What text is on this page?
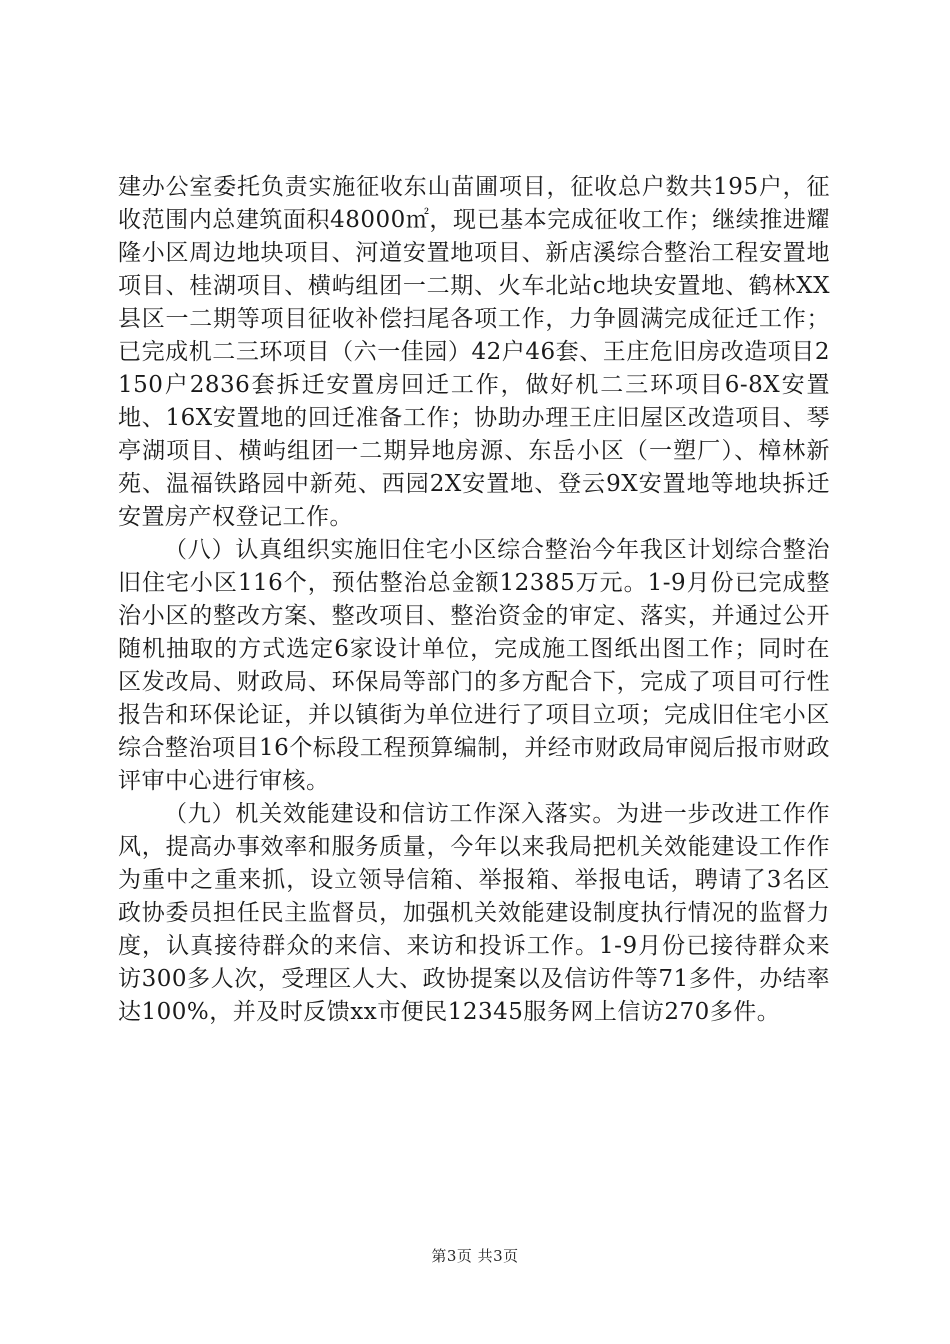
建办公室委托负责实施征收东山苗圃项目，征收总户数共195户，征收范围内总建筑面积48000㎡，现已基本完成征收工作；继续推进耀隆小区周边地块项目、河道安置地项目、新店溪综合整治工程安置地项目、桂湖项目、横屿组团一二期、火车北站c地块安置地、鹤林XX县区一二期等项目征收补偿扫尾各项工作，力争圆满完成征迁工作；已完成机二三环项目（六一佳园）42户46套、王庄危旧房改造项目2150户2836套拆迁安置房回迁工作，做好机二三环项目6-8X安置地、16X安置地的回迁准备工作；协助办理王庄旧屋区改造项目、琴亭湖项目、横屿组团一二期异地房源、东岳小区（一塑厂）、樟林新苑、温福铁路园中新苑、西园2X安置地、登云9X安置地等地块拆迁安置房产权登记工作。

（八）认真组织实施旧住宅小区综合整治今年我区计划综合整治旧住宅小区116个，预估整治总金额12385万元。1-9月份已完成整治小区的整改方案、整改项目、整治资金的审定、落实，并通过公开随机抽取的方式选定6家设计单位，完成施工图纸出图工作；同时在区发改局、财政局、环保局等部门的多方配合下，完成了项目可行性报告和环保论证，并以镇街为单位进行了项目立项；完成旧住宅小区综合整治项目16个标段工程预算编制，并经市财政局审阅后报市财政评审中心进行审核。

（九）机关效能建设和信访工作深入落实。为进一步改进工作作风，提高办事效率和服务质量，今年以来我局把机关效能建设工作作为重中之重来抓，设立领导信箱、举报箱、举报电话，聘请了3名区政协委员担任民主监督员，加强机关效能建设制度执行情况的监督力度，认真接待群众的来信、来访和投诉工作。1-9月份已接待群众来访300多人次，受理区人大、政协提案以及信访件等71多件，办结率达100%，并及时反馈xx市便民12345服务网上信访270多件。

第3页 共3页
